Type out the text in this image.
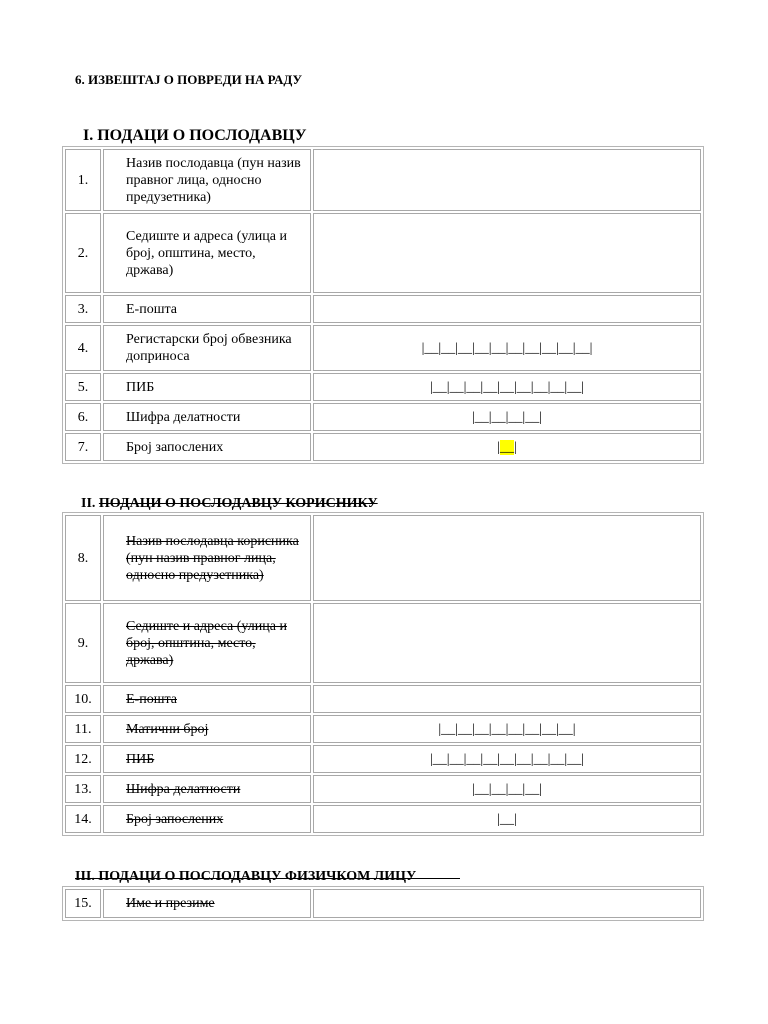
6. ИЗВЕШТАЈ О ПОВРЕДИ НА РАДУ
I. ПОДАЦИ О ПОСЛОДАВЦУ
1.	Назив послодавца (пун назив правног лица, односно предузетника)	
2.	Седиште и адреса (улица и број, општина, место, држава)	
3.	Е-пошта	
4.	Регистарски број обвезника доприноса	|__|__|__|__|__|__|__|__|__|__|
5.	ПИБ	|__|__|__|__|__|__|__|__|__|
6.	Шифра делатности	|__|__|__|__|
7.	Број запослених	|__|
II. ПОДАЦИ О ПОСЛОДАВЦУ КОРИСНИКУ
8.	Назив послодавца корисника (пун назив правног лица, односно предузетника)	
9.	Седиште и адреса (улица и број, општина, место, држава)	
10.	Е-пошта	
11.	Матични број	|__|__|__|__|__|__|__|__|
12.	ПИБ	|__|__|__|__|__|__|__|__|__|
13.	Шифра делатности	|__|__|__|__|
14.	Број запослених	|__|
III. ПОДАЦИ О ПОСЛОДАВЦУ ФИЗИЧКОМ ЛИЦУ
15.	Име и презиме	
